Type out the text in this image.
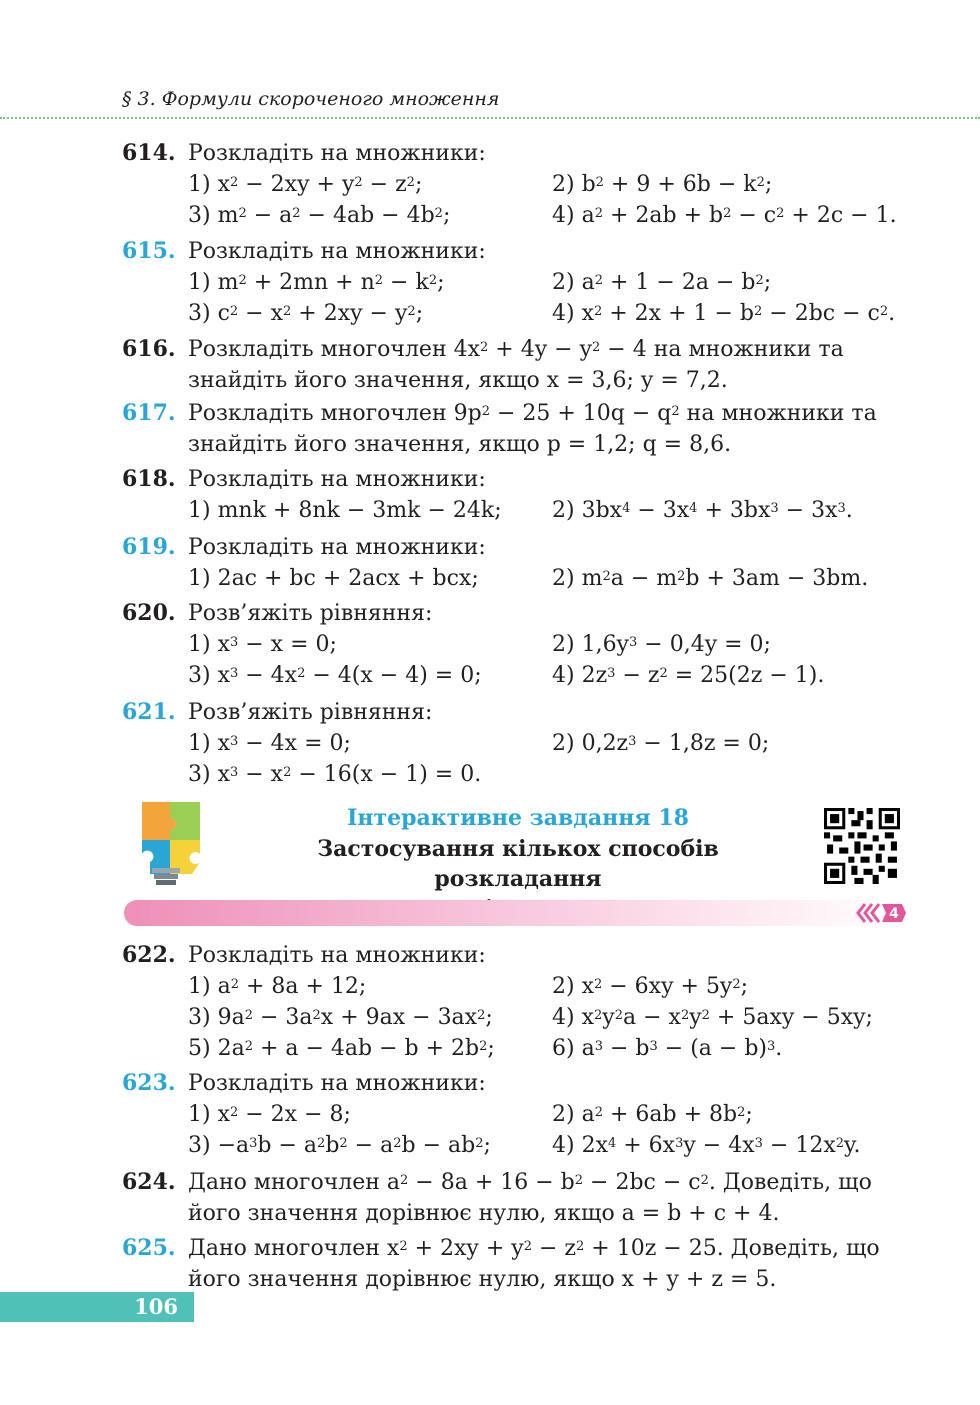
§ 3. Формули скороченого множення
614. Розкладіть на множники:
1) $x^2 - 2xy + y^2 - z^2$;	2) $b^2 + 9 + 6b - k^2$;
3) $m^2 - a^2 - 4ab - 4b^2$;	4) $a^2 + 2ab + b^2 - c^2 + 2c - 1$.
615. Розкладіть на множники:
1) $m^2 + 2mn + n^2 - k^2$;	2) $a^2 + 1 - 2a - b^2$;
3) $c^2 - x^2 + 2xy - y^2$;	4) $x^2 + 2x + 1 - b^2 - 2bc - c^2$.
616. Розкладіть многочлен $4x^2 + 4y - y^2 - 4$ на множники та
знайдіть його значення, якщо x = 3,6; y = 7,2.
617. Розкладіть многочлен $9p^2 - 25 + 10q - q^2$ на множники та
знайдіть його значення, якщо p = 1,2; q = 8,6.
618. Розкладіть на множники:
1) mnk + 8nk − 3mk − 24k; 2) $3bx^4 - 3x^4 + 3bx^3 - 3x^3$.
619. Розкладіть на множники:
1) 2ac + bc + 2acx + bcx;	2) $m^2a - m^2b + 3am - 3bm$.
620. Розв’яжіть рівняння:
1) $x^3 - x = 0$;	2) $1,6y^3 - 0,4y = 0$;
3) $x^3 - 4x^2 - 4(x - 4) = 0$;	4) $2z^3 - z^2 = 25(2z - 1)$.
621. Розв’яжіть рівняння:
1) $x^3 - 4x = 0$;	2) $0,2z^3 - 1,8z = 0$;
3) $x^3 - x^2 - 16(x - 1) = 0$.
Інтерактивне завдання 18
Застосування кількох способів розкладання
4
622. Розкладіть на множники:
1) $a^2 + 8a + 12$;	2) $x^2 - 6xy + 5y^2$;
3) $9a^2 - 3a^2x + 9ax - 3ax^2$;	4) $x^2y^2a - x^2y^2 + 5axy - 5xy$;
5) $2a^2 + a - 4ab - b + 2b^2$;	6) $a^3 - b^3 - (a - b)^3$.
623. Розкладіть на множники:
1) $x^2 - 2x - 8$;	2) $a^2 + 6ab + 8b^2$;
$3) -a^3b - a^2b^2 - a^2b - ab^2$;	4) $2x^4 + 6x^3y - 4x^3 - 12x^2y$.
624. Дано многочлен $a^2 - 8a + 16 - b^2 - 2bc - c^2$. Доведіть, що
його значення дорівнює нулю, якщо a = b + c + 4.
625. Дано многочлен $x^2 + 2xy + y^2 - z^2 + 10z - 25$. Доведіть, що
його значення дорівнює нулю, якщо x + y + z = 5.
106
